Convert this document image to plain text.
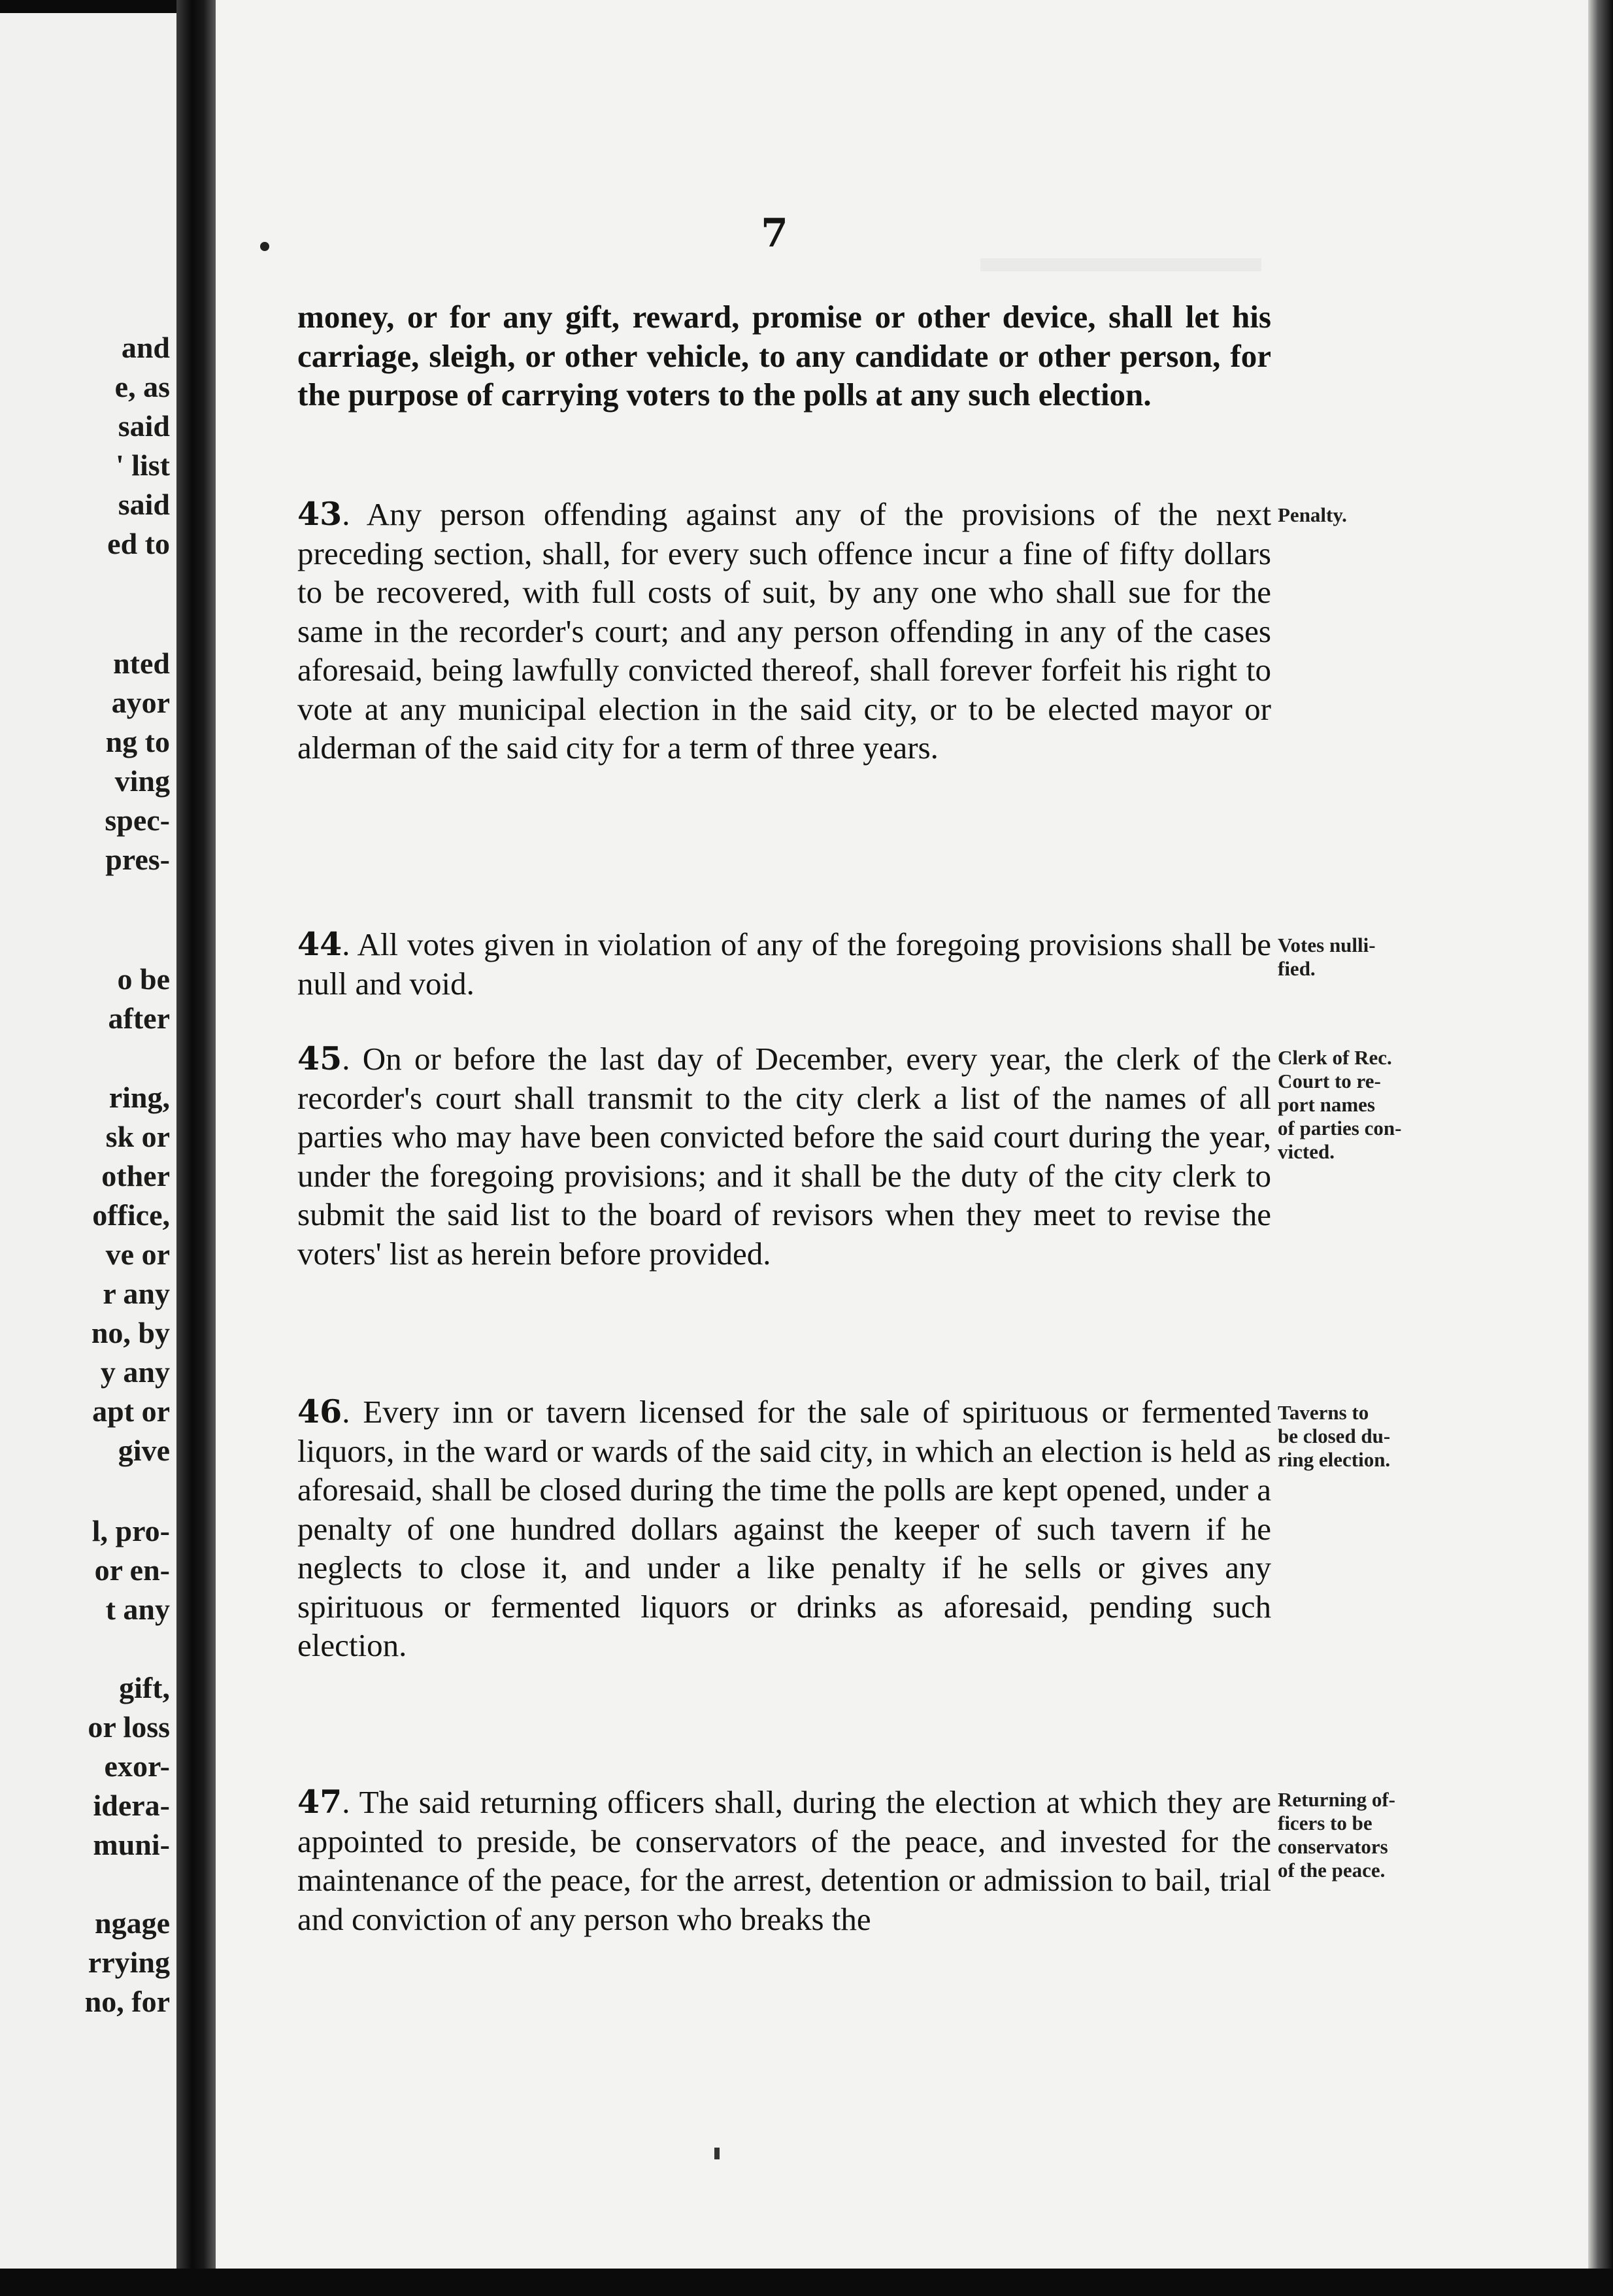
and
e, as
said
' list
said
ed to
nted
ayor
ng to
ving
spec-
pres-
o be
after
ring,
sk or
other
office,
ve or
r any
no, by
y any
apt or
give
l, pro-
or en-
t any
gift,
or loss
exor-
idera-
muni-
ngage
rrying
no, for
7
money, or for any gift, reward, promise or other device, shall let his carriage, sleigh, or other vehicle, to any candidate or other person, for the purpose of carrying voters to the polls at any such election.
43. Any person offending against any of the provisions of the next preceding section, shall, for every such offence incur a fine of fifty dollars to be recovered, with full costs of suit, by any one who shall sue for the same in the recorder's court; and any person offending in any of the cases aforesaid, being lawfully convicted thereof, shall forever forfeit his right to vote at any municipal election in the said city, or to be elected mayor or alderman of the said city for a term of three years.
Penalty.
44. All votes given in violation of any of the foregoing provisions shall be null and void.
Votes nulli-
fied.
45. On or before the last day of December, every year, the clerk of the recorder's court shall transmit to the city clerk a list of the names of all parties who may have been convicted before the said court during the year, under the foregoing provisions; and it shall be the duty of the city clerk to submit the said list to the board of revisors when they meet to revise the voters' list as herein before provided.
Clerk of Rec.
Court to re-
port names
of parties con-
victed.
46. Every inn or tavern licensed for the sale of spirituous or fermented liquors, in the ward or wards of the said city, in which an election is held as aforesaid, shall be closed during the time the polls are kept opened, under a penalty of one hundred dollars against the keeper of such tavern if he neglects to close it, and under a like penalty if he sells or gives any spirituous or fermented liquors or drinks as aforesaid, pending such election.
Taverns to
be closed du-
ring election.
47. The said returning officers shall, during the election at which they are appointed to preside, be conservators of the peace, and invested for the maintenance of the peace, for the arrest, detention or admission to bail, trial and conviction of any person who breaks the
Returning of-
ficers to be
conservators
of the peace.
